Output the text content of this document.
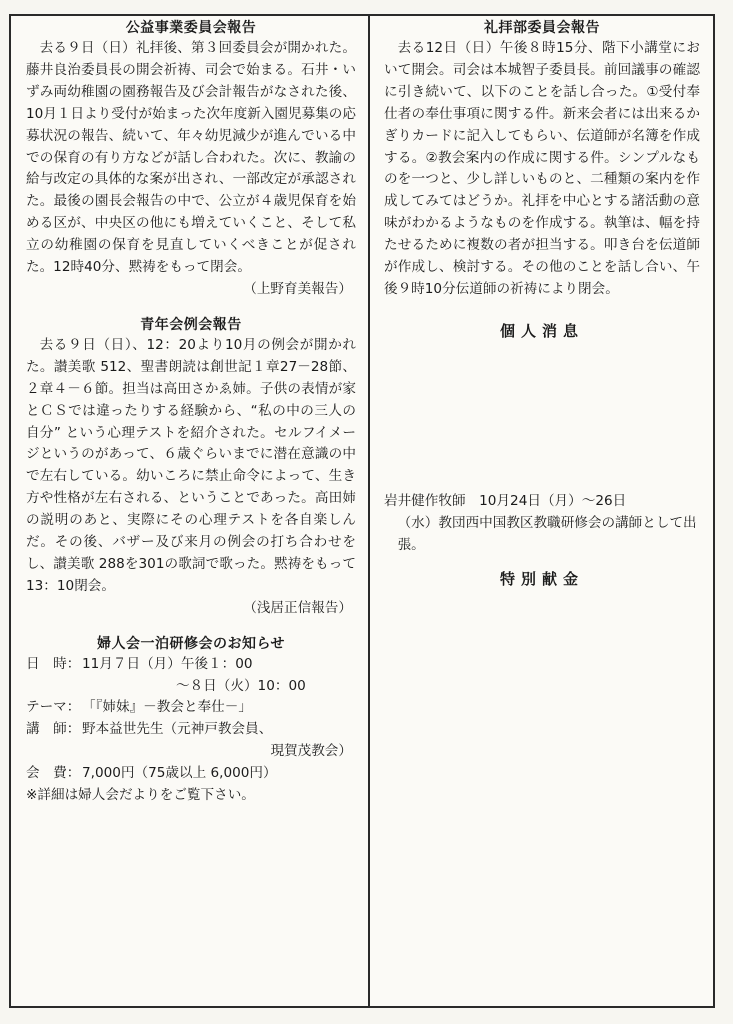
公益事業委員会報告

去る９日（日）礼拝後、第３回委員会が開かれた。藤井良治委員長の開会祈祷、司会で始まる。石井・いずみ両幼稚園の園務報告及び会計報告がなされた後、10月１日より受付が始まった次年度新入園児募集の応募状況の報告、続いて、年々幼児減少が進んでいる中での保育の有り方などが話し合われた。次に、教諭の給与改定の具体的な案が出され、一部改定が承認された。最後の園長会報告の中で、公立が４歳児保育を始める区が、中央区の他にも増えていくこと、そして私立の幼稚園の保育を見直していくべきことが促された。12時40分、黙祷をもって閉会。

（上野育美報告）
青年会例会報告

去る９日（日）、12：20より10月の例会が開かれた。讃美歌 512、聖書朗読は創世記１章27－28節、２章４－６節。担当は高田さかゑ姉。子供の表情が家とＣＳでは違ったりする経験から、“私の中の三人の自分” という心理テストを紹介された。セルフイメージというのがあって、６歳ぐらいまでに潜在意識の中で左右している。幼いころに禁止命令によって、生き方や性格が左右される、ということであった。高田姉の説明のあと、実際にその心理テストを各自楽しんだ。その後、バザー及び来月の例会の打ち合わせをし、讃美歌 288を301の歌詞で歌った。黙祷をもって13：10閉会。

（浅居正信報告）
婦人会一泊研修会のお知らせ
日　時： 11月７日（月）午後１：00
～８日（火）10：00
テーマ： 「『姉妹』－教会と奉仕－」
講　師： 野本益世先生（元神戸教会員、
現賀茂教会）
会　費： 7,000円（75歳以上 6,000円）
※詳細は婦人会だよりをご覧下さい。
礼拝部委員会報告

去る12日（日）午後８時15分、階下小講堂において開会。司会は本城智子委員長。前回議事の確認に引き続いて、以下のことを話し合った。①受付奉仕者の奉仕事項に関する件。新来会者には出来るかぎりカードに記入してもらい、伝道師が名簿を作成する。②教会案内の作成に関する件。シンプルなものを一つと、少し詳しいものと、二種類の案内を作成してみてはどうか。礼拝を中心とする諸活動の意味がわかるようなものを作成する。執筆は、幅を持たせるために複数の者が担当する。叩き台を伝道師が作成し、検討する。その他のことを話し合い、午後９時10分伝道師の祈祷により閉会。

個人消息

岩井健作牧師　10月24日（月）～26日
（水）教団西中国教区教職研修会の講師として出張。

特別献金
